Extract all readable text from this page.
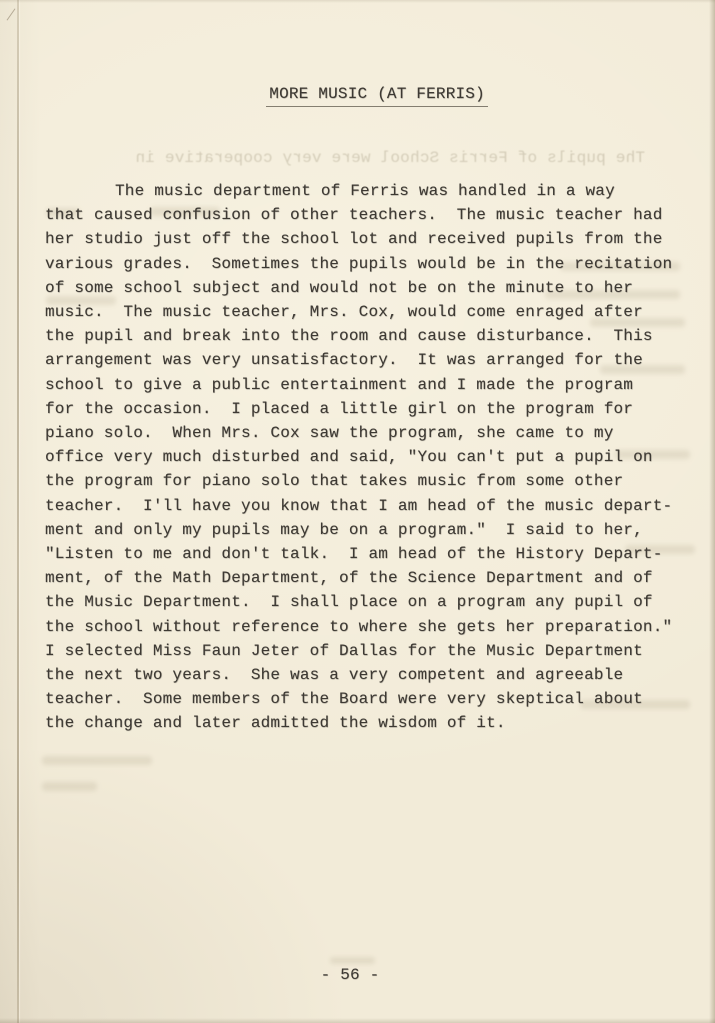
The pupils of Ferris School were very cooperative in

MORE MUSIC (AT FERRIS)

The music department of Ferris was handled in a way
that caused confusion of other teachers.  The music teacher had
her studio just off the school lot and received pupils from the
various grades.  Sometimes the pupils would be in the recitation
of some school subject and would not be on the minute to her
music.  The music teacher, Mrs. Cox, would come enraged after
the pupil and break into the room and cause disturbance.  This
arrangement was very unsatisfactory.  It was arranged for the
school to give a public entertainment and I made the program
for the occasion.  I placed a little girl on the program for
piano solo.  When Mrs. Cox saw the program, she came to my
office very much disturbed and said, "You can't put a pupil on
the program for piano solo that takes music from some other
teacher.  I'll have you know that I am head of the music depart-
ment and only my pupils may be on a program."  I said to her,
"Listen to me and don't talk.  I am head of the History Depart-
ment, of the Math Department, of the Science Department and of
the Music Department.  I shall place on a program any pupil of
the school without reference to where she gets her preparation."
I selected Miss Faun Jeter of Dallas for the Music Department
the next two years.  She was a very competent and agreeable
teacher.  Some members of the Board were very skeptical about
the change and later admitted the wisdom of it.
- 56 -
